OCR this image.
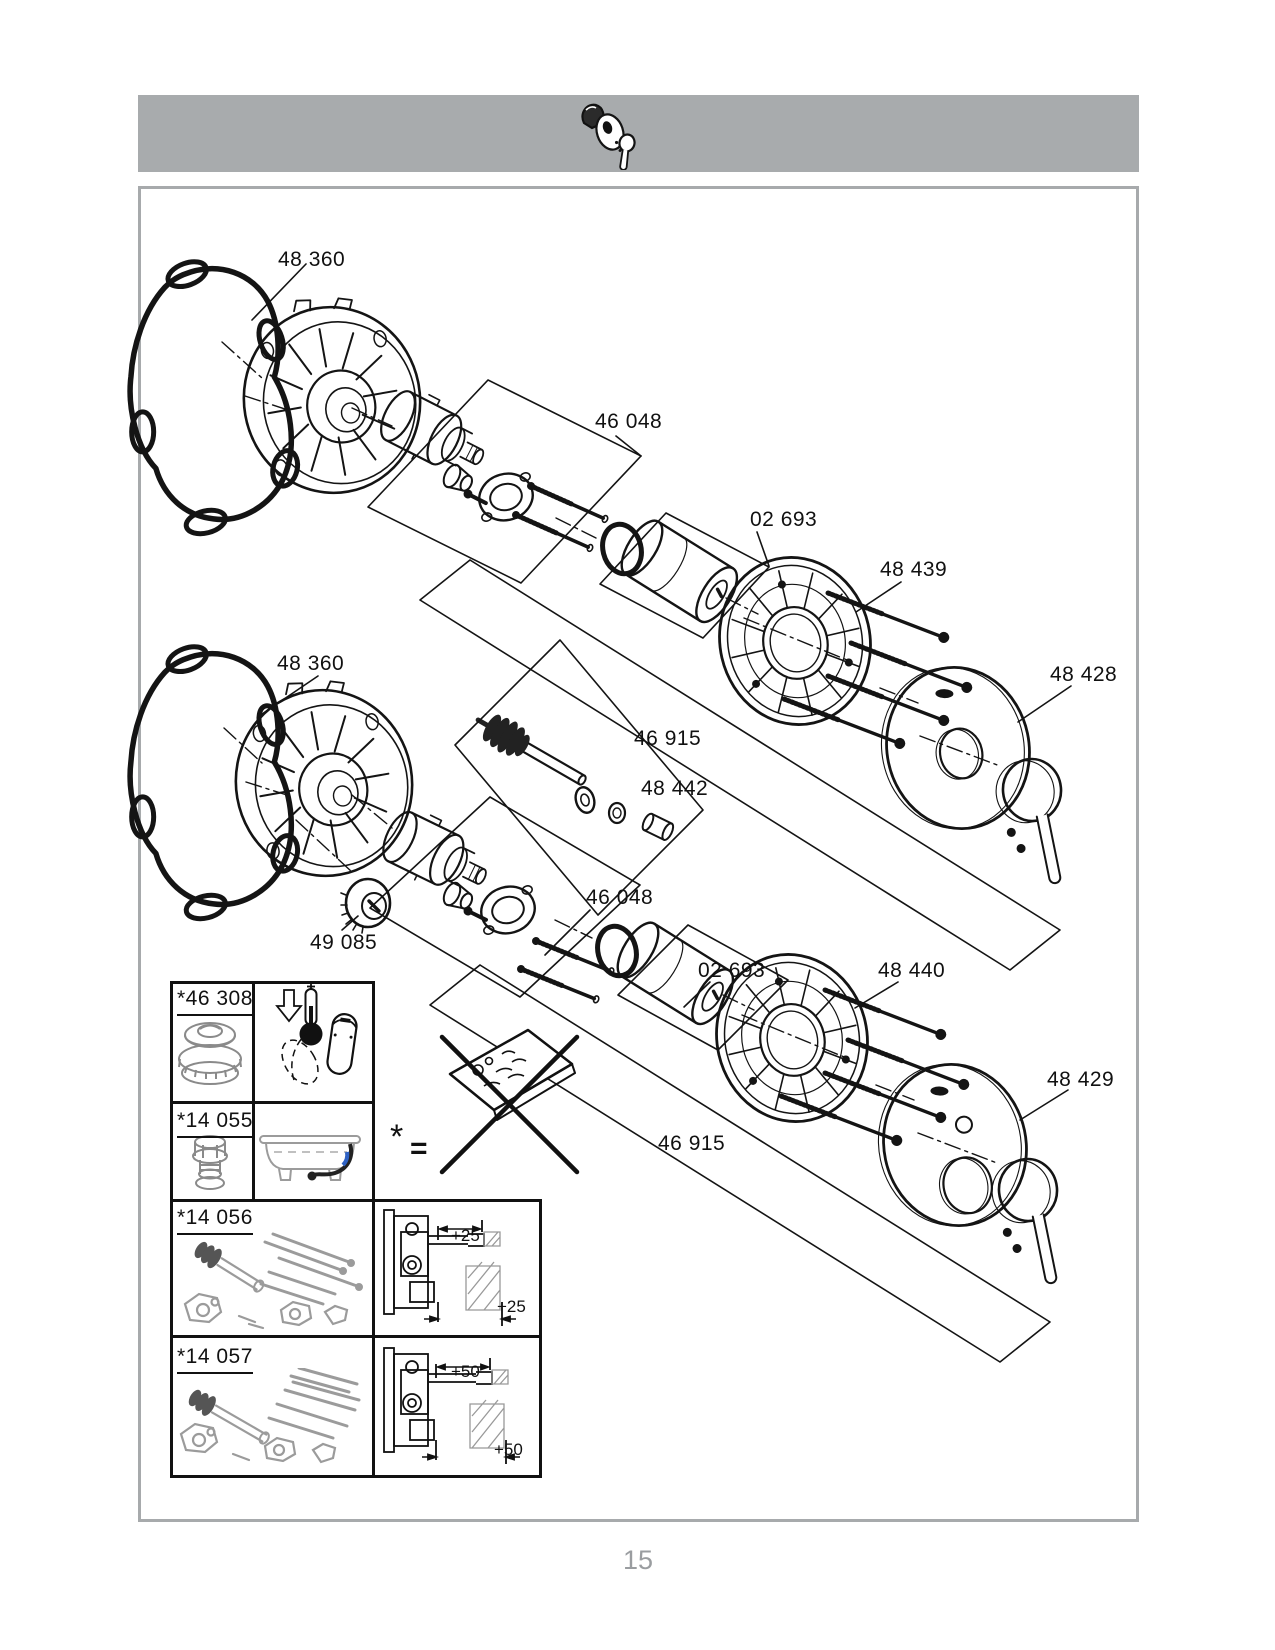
48 360
46 048
02 693
48 439
48 428
46 915
48 360
48 442
46 048
49 085
02 693	48 440
48 429
46 915
*46 308
*14 055
*14 056
*14 057
+25
+25
+50
+50
* =
15
